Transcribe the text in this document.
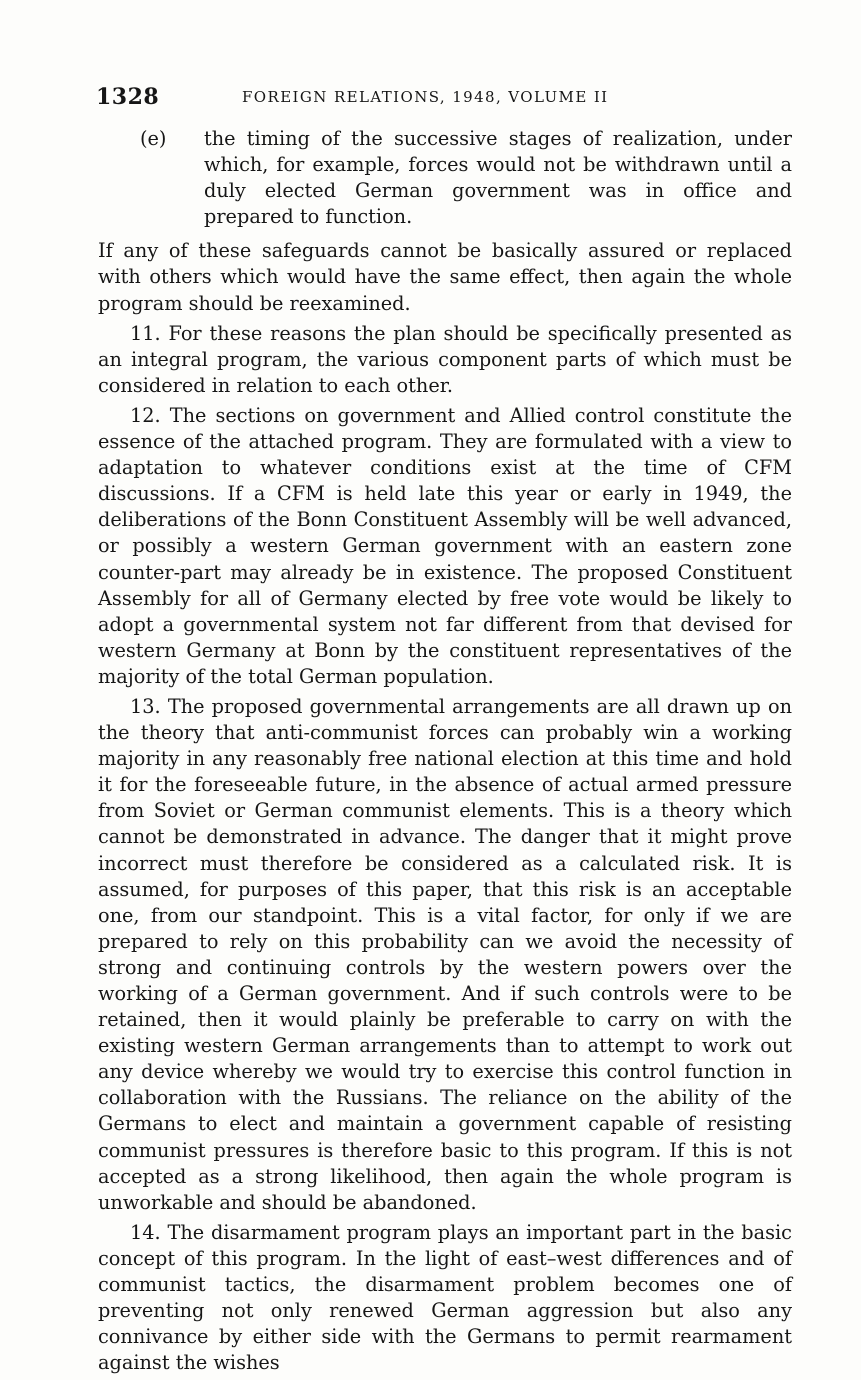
1328	FOREIGN RELATIONS, 1948, VOLUME II

(e) the timing of the successive stages of realization, under which, for example, forces would not be withdrawn until a duly elected German government was in office and prepared to function.

If any of these safeguards cannot be basically assured or replaced with others which would have the same effect, then again the whole program should be reexamined.

11. For these reasons the plan should be specifically presented as an integral program, the various component parts of which must be considered in relation to each other.

12. The sections on government and Allied control constitute the essence of the attached program. They are formulated with a view to adaptation to whatever conditions exist at the time of CFM discussions. If a CFM is held late this year or early in 1949, the deliberations of the Bonn Constituent Assembly will be well advanced, or possibly a western German government with an eastern zone counter-part may already be in existence. The proposed Constituent Assembly for all of Germany elected by free vote would be likely to adopt a governmental system not far different from that devised for western Germany at Bonn by the constituent representatives of the majority of the total German population.

13. The proposed governmental arrangements are all drawn up on the theory that anti-communist forces can probably win a working majority in any reasonably free national election at this time and hold it for the foreseeable future, in the absence of actual armed pressure from Soviet or German communist elements. This is a theory which cannot be demonstrated in advance. The danger that it might prove incorrect must therefore be considered as a calculated risk. It is assumed, for purposes of this paper, that this risk is an acceptable one, from our standpoint. This is a vital factor, for only if we are prepared to rely on this probability can we avoid the necessity of strong and continuing controls by the western powers over the working of a German government. And if such controls were to be retained, then it would plainly be preferable to carry on with the existing western German arrangements than to attempt to work out any device whereby we would try to exercise this control function in collaboration with the Russians. The reliance on the ability of the Germans to elect and maintain a government capable of resisting communist pressures is therefore basic to this program. If this is not accepted as a strong likelihood, then again the whole program is unworkable and should be abandoned.

14. The disarmament program plays an important part in the basic concept of this program. In the light of east–west differences and of communist tactics, the disarmament problem becomes one of preventing not only renewed German aggression but also any connivance by either side with the Germans to permit rearmament against the wishes
